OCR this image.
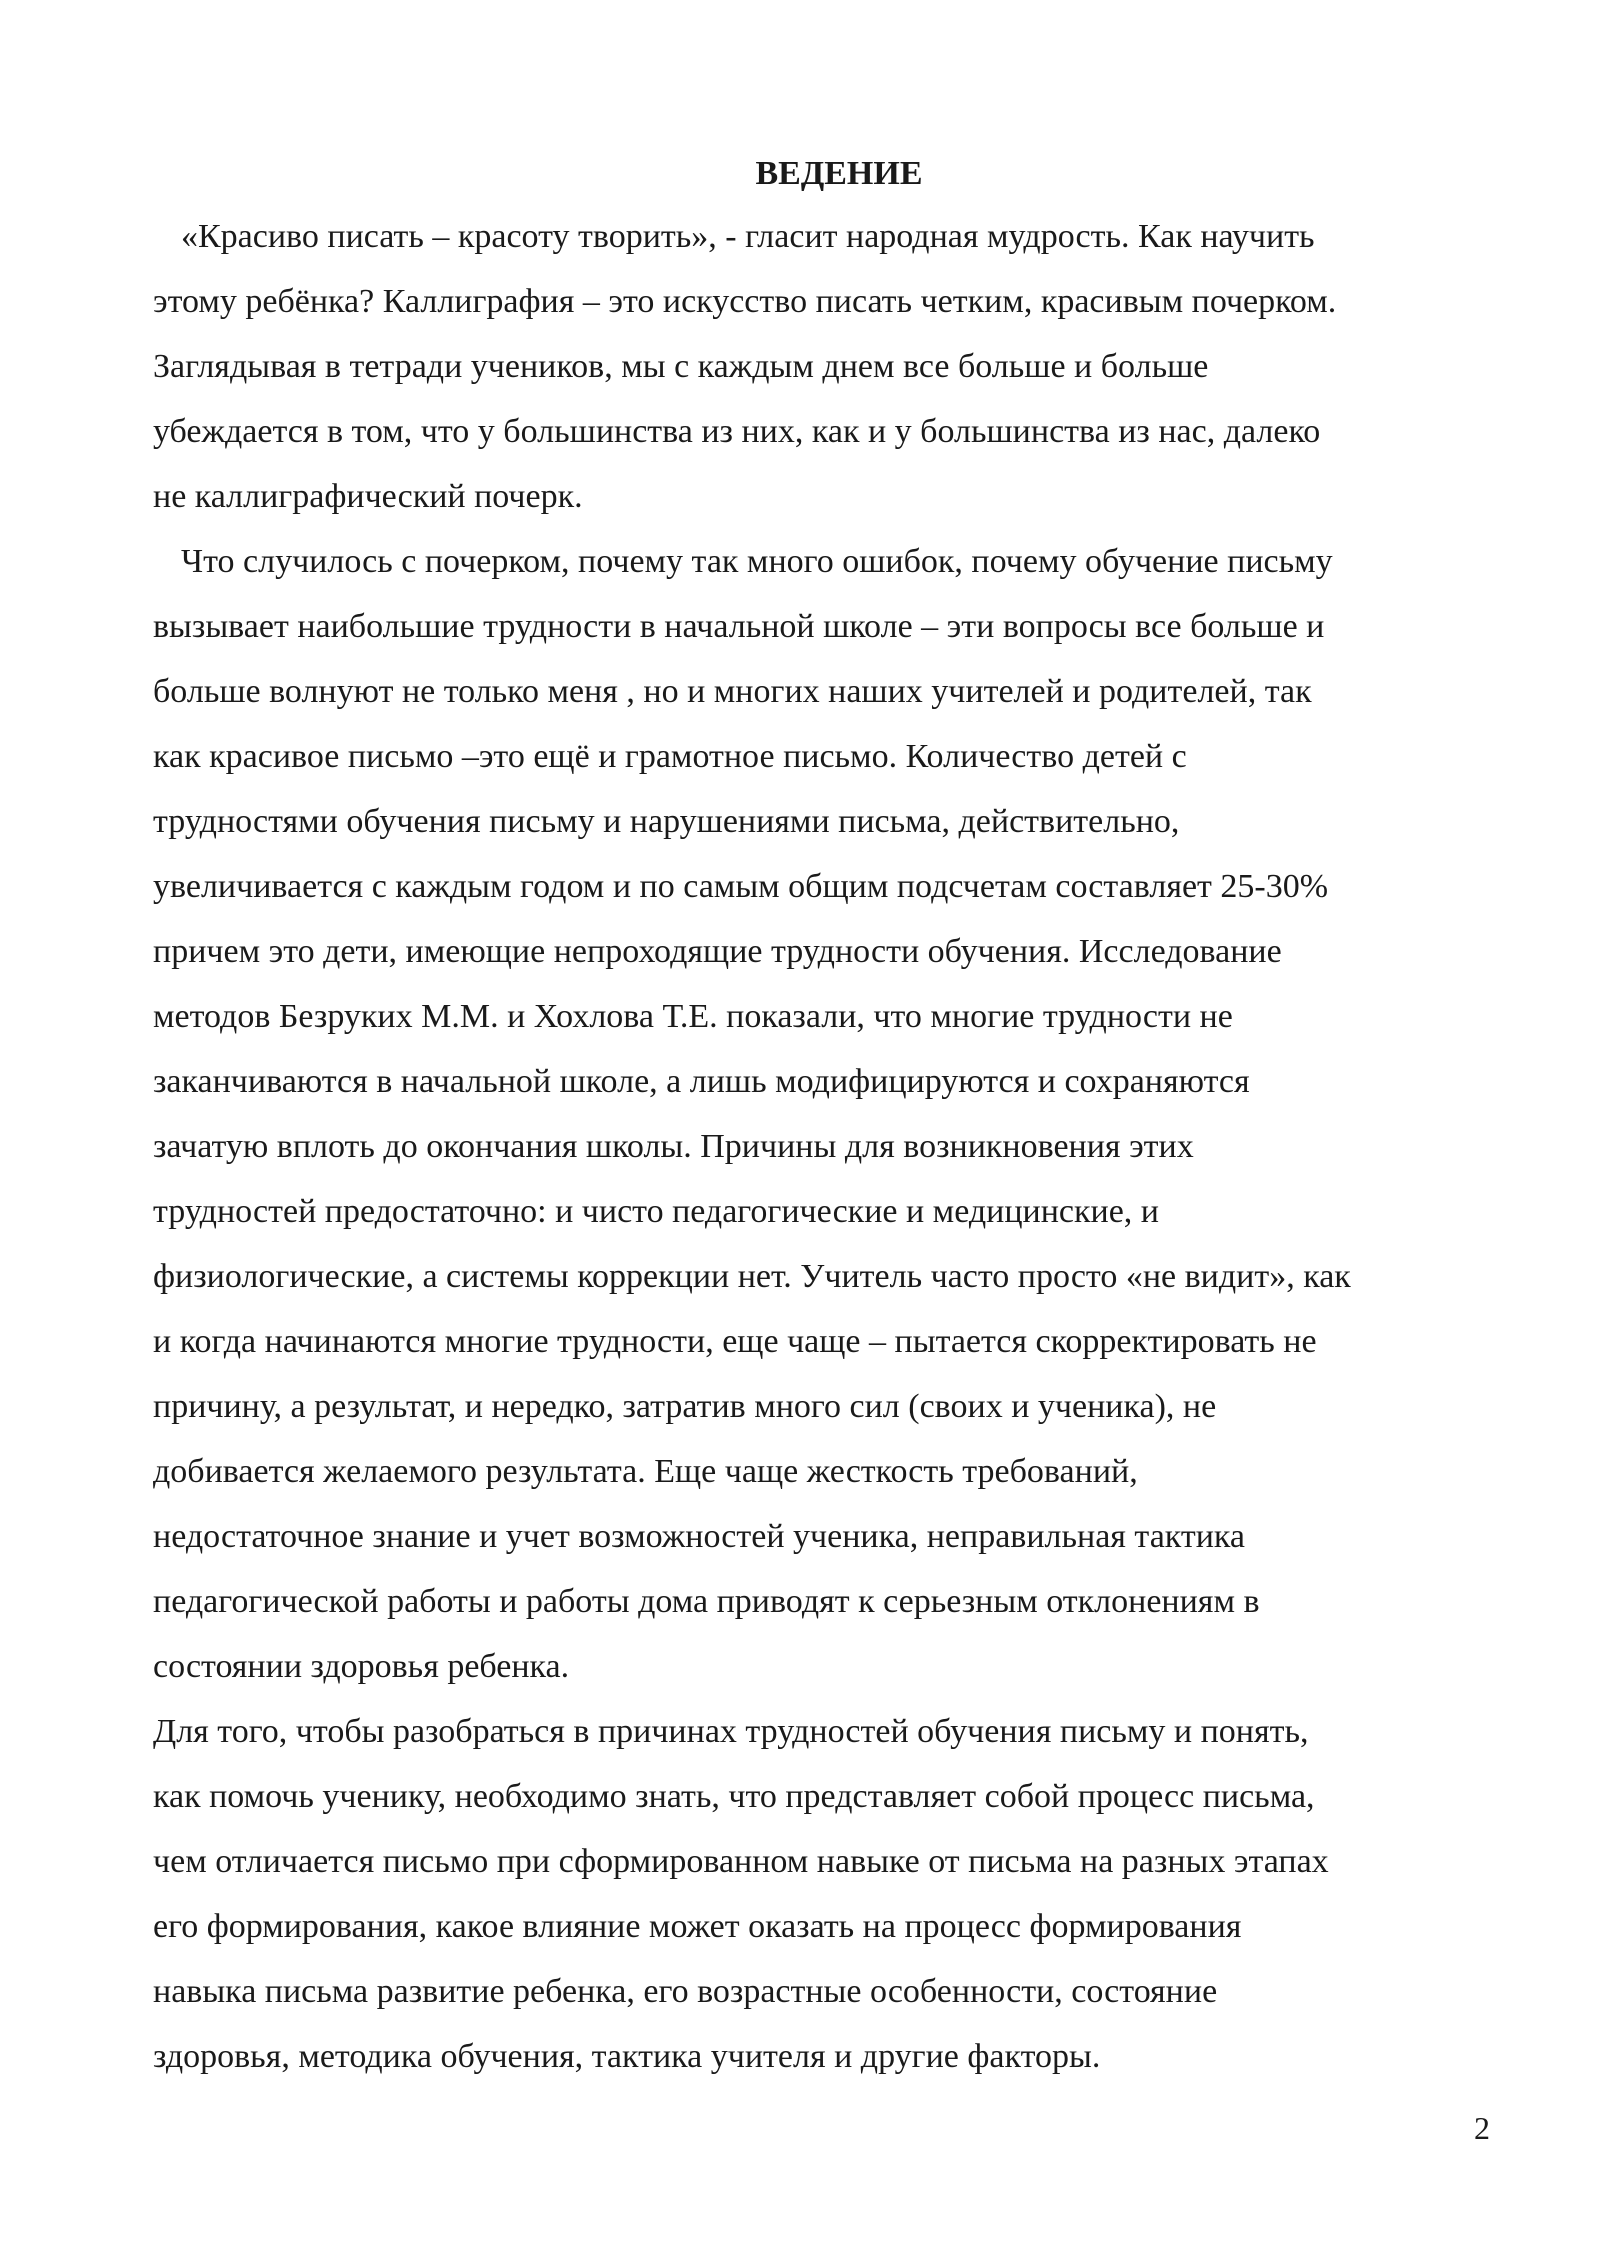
ВЕДЕНИЕ
«Красиво писать – красоту творить», - гласит народная мудрость. Как научить
этому ребёнка? Каллиграфия – это искусство писать четким, красивым почерком.
Заглядывая в тетради учеников, мы с каждым днем все больше и больше
убеждается в том, что у большинства из них, как и у большинства из нас, далеко
не каллиграфический почерк.
Что случилось с почерком, почему так много ошибок, почему обучение письму
вызывает наибольшие трудности в начальной школе – эти вопросы все больше и
больше волнуют не только меня , но и многих наших учителей и родителей, так
как красивое письмо –это ещё и грамотное письмо. Количество детей с
трудностями обучения письму и нарушениями письма, действительно,
увеличивается с каждым годом и по самым общим подсчетам составляет 25-30%
причем это дети, имеющие непроходящие трудности обучения. Исследование
методов Безруких М.М. и Хохлова Т.Е. показали, что многие трудности не
заканчиваются в начальной школе, а лишь модифицируются и сохраняются
зачатую вплоть до окончания школы. Причины для возникновения этих
трудностей предостаточно: и чисто педагогические и медицинские, и
физиологические, а системы коррекции нет. Учитель часто просто «не видит», как
и когда начинаются многие трудности, еще чаще – пытается скорректировать не
причину, а результат, и нередко, затратив много сил (своих и ученика), не
добивается желаемого результата. Еще чаще жесткость требований,
недостаточное знание и учет возможностей ученика, неправильная тактика
педагогической работы и работы дома приводят к серьезным отклонениям в
состоянии здоровья ребенка.
Для того, чтобы разобраться в причинах трудностей обучения письму и понять,
как помочь ученику, необходимо знать, что представляет собой процесс письма,
чем отличается письмо при сформированном навыке от письма на разных этапах
его формирования, какое влияние может оказать на процесс формирования
навыка письма развитие ребенка, его возрастные особенности, состояние
здоровья, методика обучения, тактика учителя и другие факторы.
2
